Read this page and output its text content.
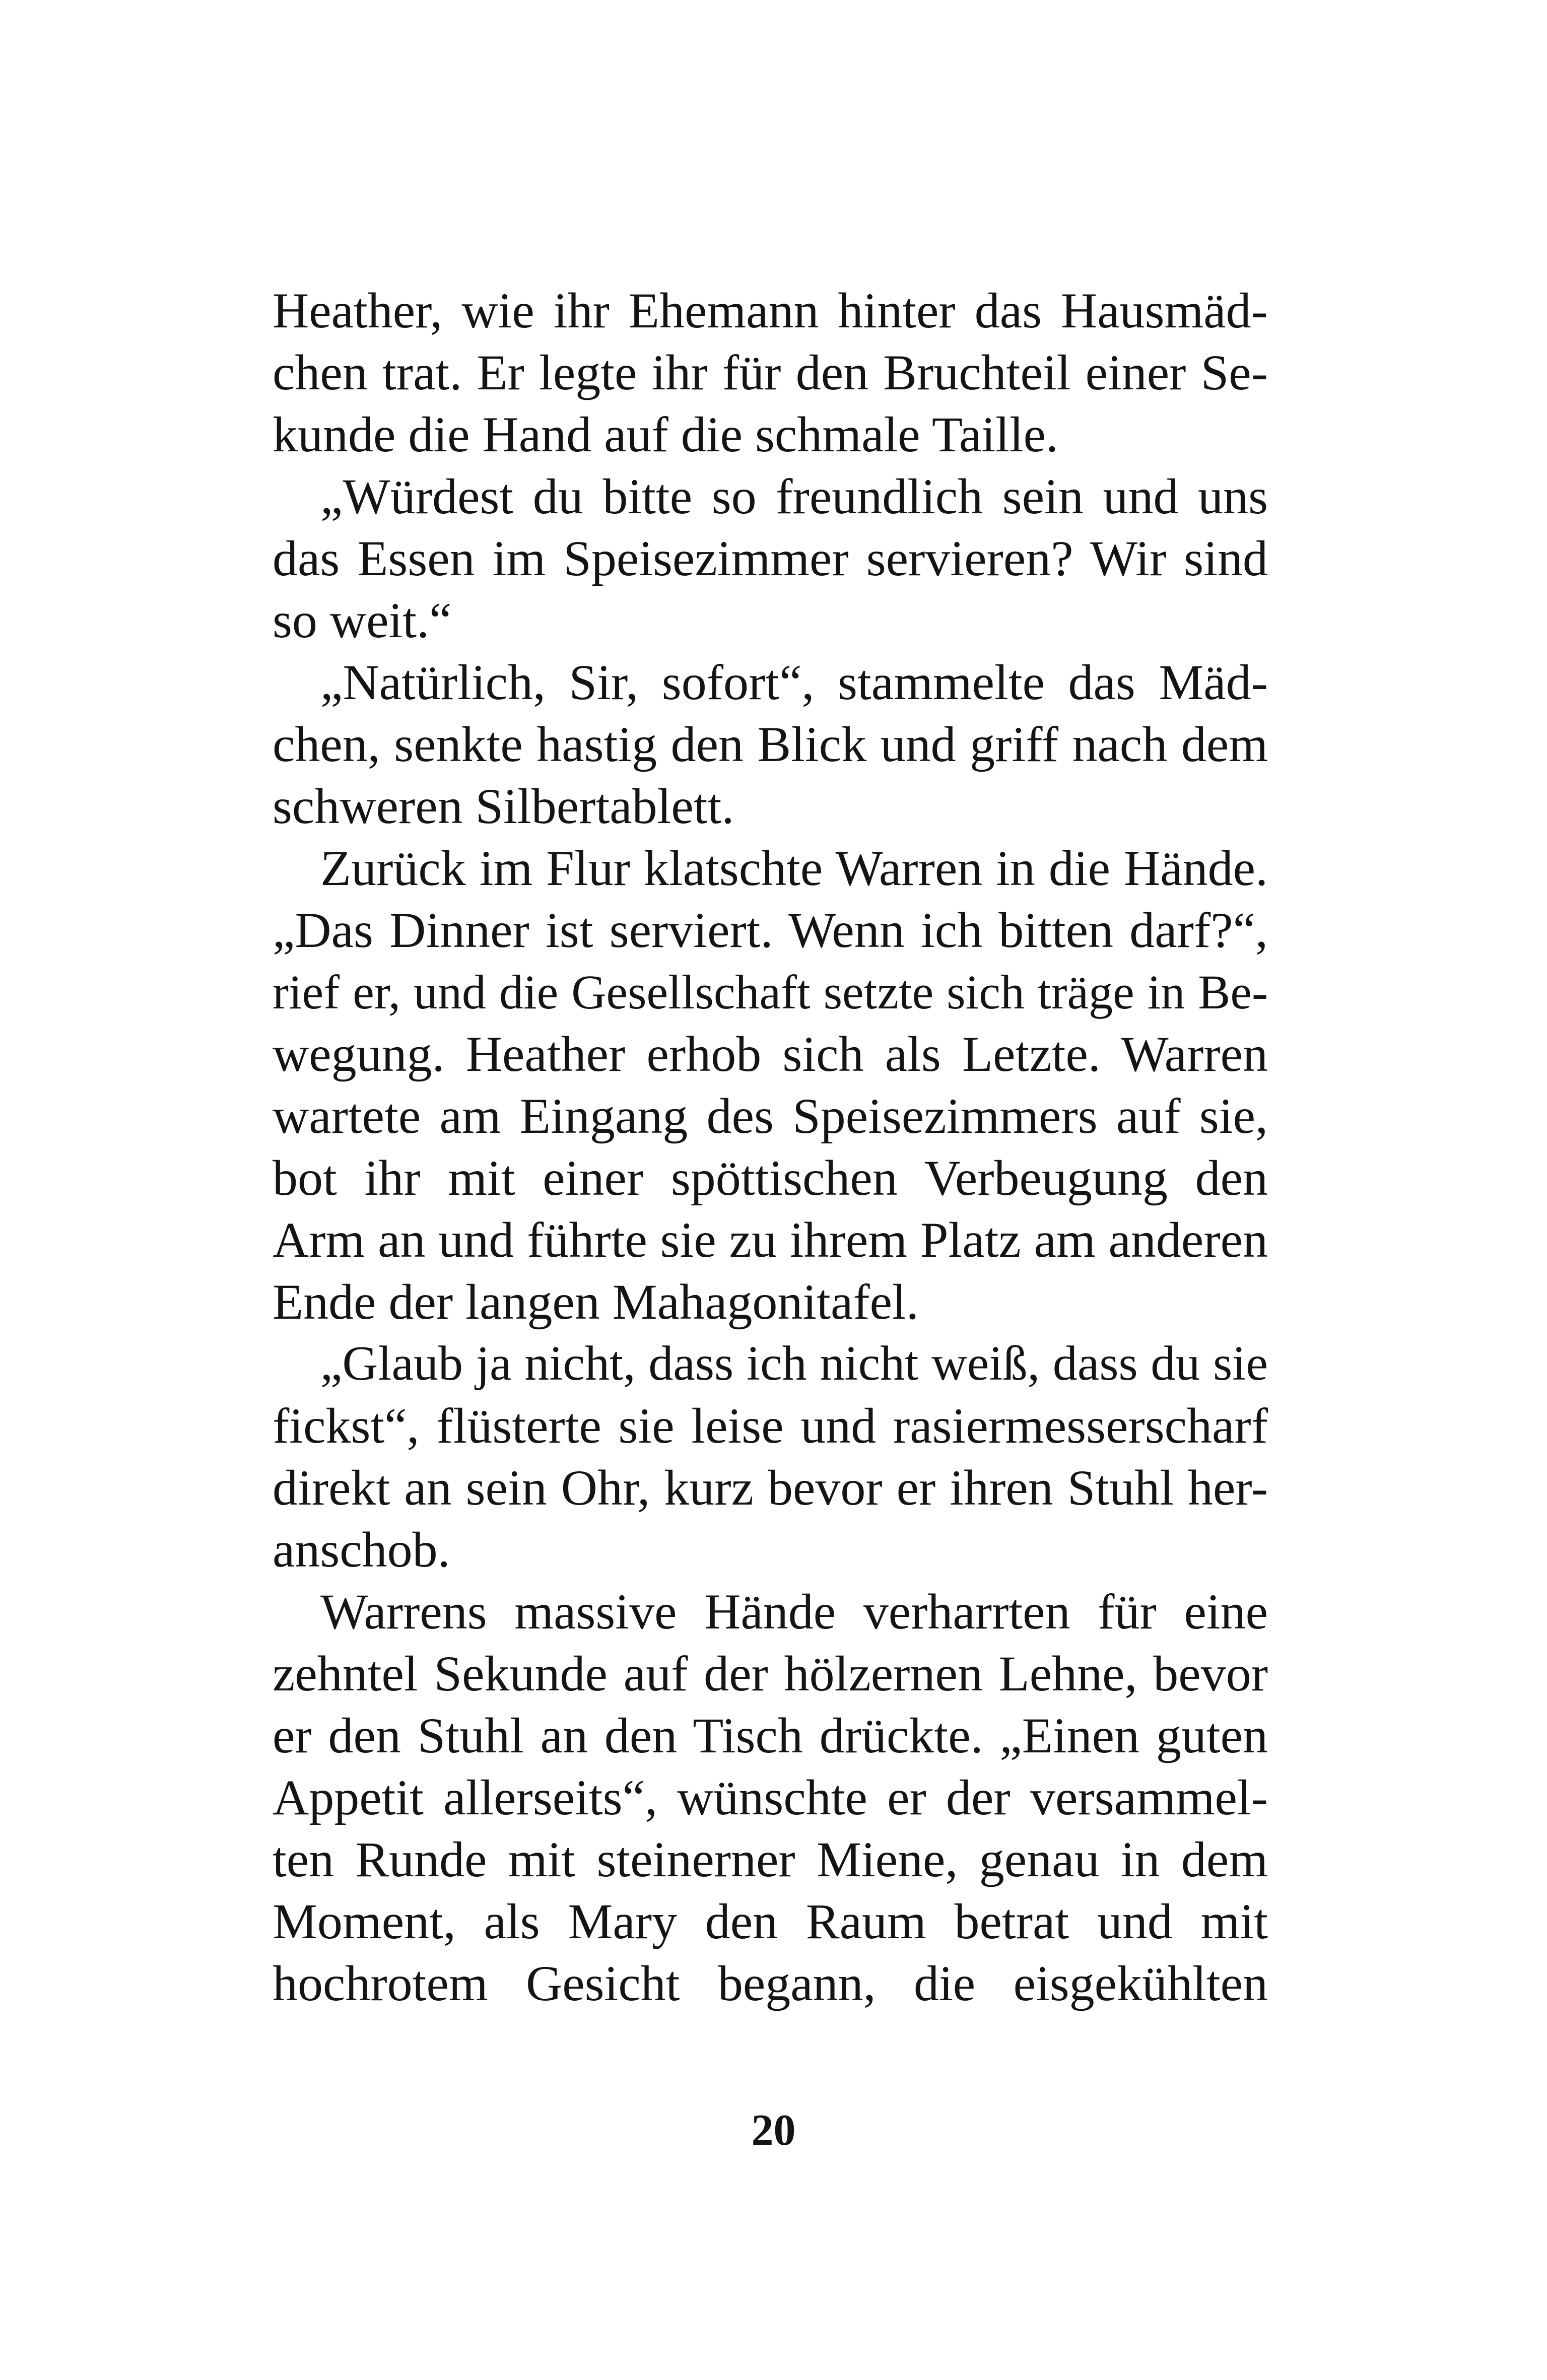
Heather, wie ihr Ehemann hinter das Hausmäd-
chen trat. Er legte ihr für den Bruchteil einer Se-
kunde die Hand auf die schmale Taille.
„Würdest du bitte so freundlich sein und uns
das Essen im Speisezimmer servieren? Wir sind
so weit.“
„Natürlich, Sir, sofort“, stammelte das Mäd-
chen, senkte hastig den Blick und griff nach dem
schweren Silbertablett.
Zurück im Flur klatschte Warren in die Hände.
„Das Dinner ist serviert. Wenn ich bitten darf?“,
rief er, und die Gesellschaft setzte sich träge in Be-
wegung. Heather erhob sich als Letzte. Warren
wartete am Eingang des Speisezimmers auf sie,
bot ihr mit einer spöttischen Verbeugung den
Arm an und führte sie zu ihrem Platz am anderen
Ende der langen Mahagonitafel.
„Glaub ja nicht, dass ich nicht weiß, dass du sie
fickst“, flüsterte sie leise und rasiermesserscharf
direkt an sein Ohr, kurz bevor er ihren Stuhl her-
anschob.
Warrens massive Hände verharrten für eine
zehntel Sekunde auf der hölzernen Lehne, bevor
er den Stuhl an den Tisch drückte. „Einen guten
Appetit allerseits“, wünschte er der versammel-
ten Runde mit steinerner Miene, genau in dem
Moment, als Mary den Raum betrat und mit
hochrotem Gesicht begann, die eisgekühlten
20
